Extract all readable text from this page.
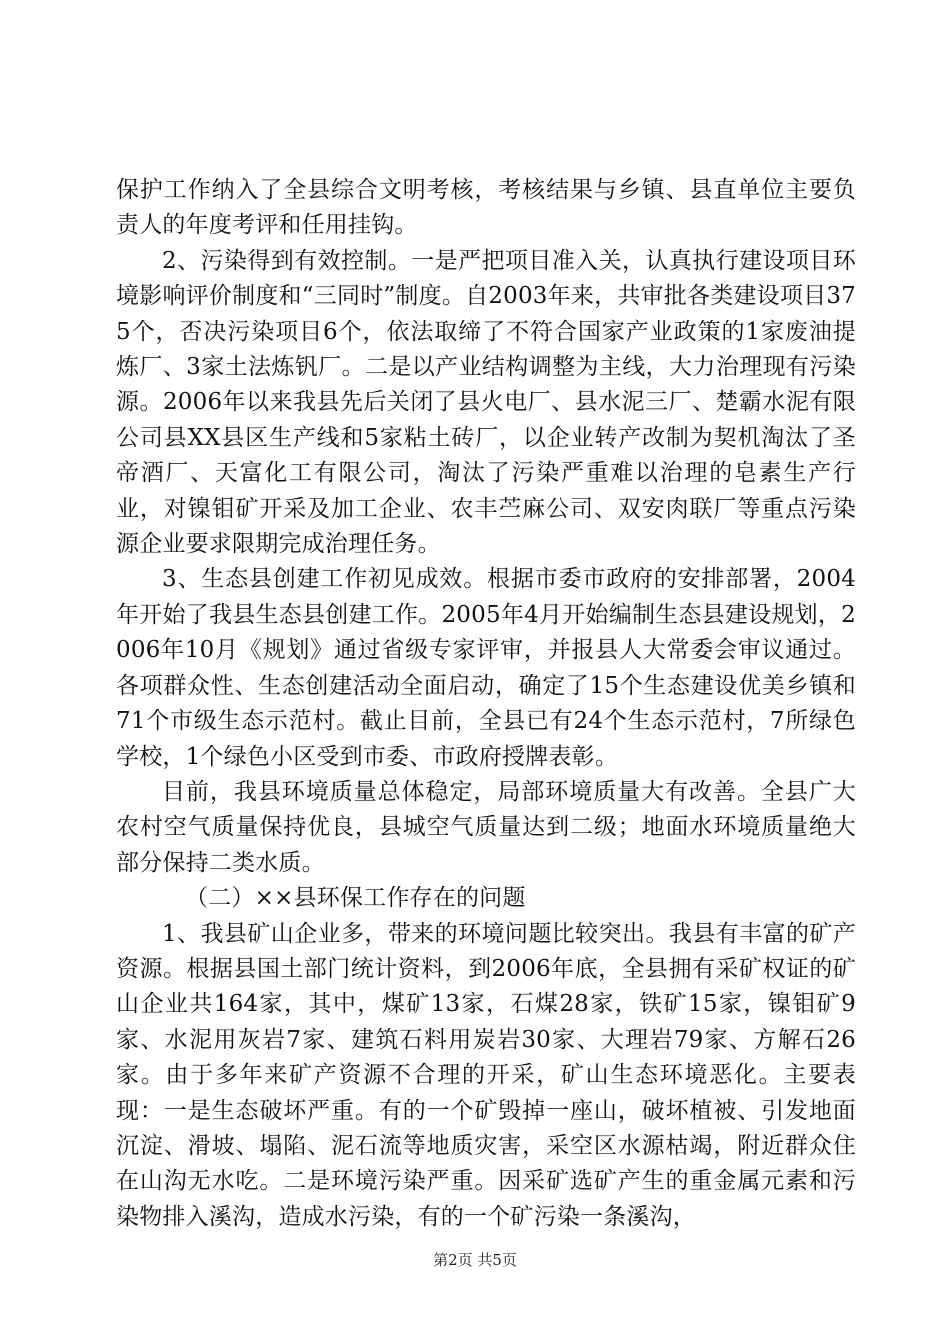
保护工作纳入了全县综合文明考核，考核结果与乡镇、县直单位主要负责人的年度考评和任用挂钩。

2、污染得到有效控制。一是严把项目准入关，认真执行建设项目环境影响评价制度和“三同时”制度。自2003年来，共审批各类建设项目375个，否决污染项目6个，依法取缔了不符合国家产业政策的1家废油提炼厂、3家土法炼钒厂。二是以产业结构调整为主线，大力治理现有污染源。2006年以来我县先后关闭了县火电厂、县水泥三厂、楚霸水泥有限公司县XX县区生产线和5家粘土砖厂，以企业转产改制为契机淘汰了圣帝酒厂、天富化工有限公司，淘汰了污染严重难以治理的皂素生产行业，对镍钼矿开采及加工企业、农丰苎麻公司、双安肉联厂等重点污染源企业要求限期完成治理任务。

3、生态县创建工作初见成效。根据市委市政府的安排部署，2004年开始了我县生态县创建工作。2005年4月开始编制生态县建设规划，2006年10月《规划》通过省级专家评审，并报县人大常委会审议通过。各项群众性、生态创建活动全面启动，确定了15个生态建设优美乡镇和71个市级生态示范村。截止目前，全县已有24个生态示范村，7所绿色学校，1个绿色小区受到市委、市政府授牌表彰。

目前，我县环境质量总体稳定，局部环境质量大有改善。全县广大农村空气质量保持优良，县城空气质量达到二级；地面水环境质量绝大部分保持二类水质。

（二）××县环保工作存在的问题

1、我县矿山企业多，带来的环境问题比较突出。我县有丰富的矿产资源。根据县国土部门统计资料，到2006年底，全县拥有采矿权证的矿山企业共164家，其中，煤矿13家，石煤28家，铁矿15家，镍钼矿9家、水泥用灰岩7家、建筑石料用炭岩30家、大理岩79家、方解石26家。由于多年来矿产资源不合理的开采，矿山生态环境恶化。主要表现：一是生态破坏严重。有的一个矿毁掉一座山，破坏植被、引发地面沉淀、滑坡、塌陷、泥石流等地质灾害，采空区水源枯竭，附近群众住在山沟无水吃。二是环境污染严重。因采矿选矿产生的重金属元素和污染物排入溪沟，造成水污染，有的一个矿污染一条溪沟，

第2页 共5页
